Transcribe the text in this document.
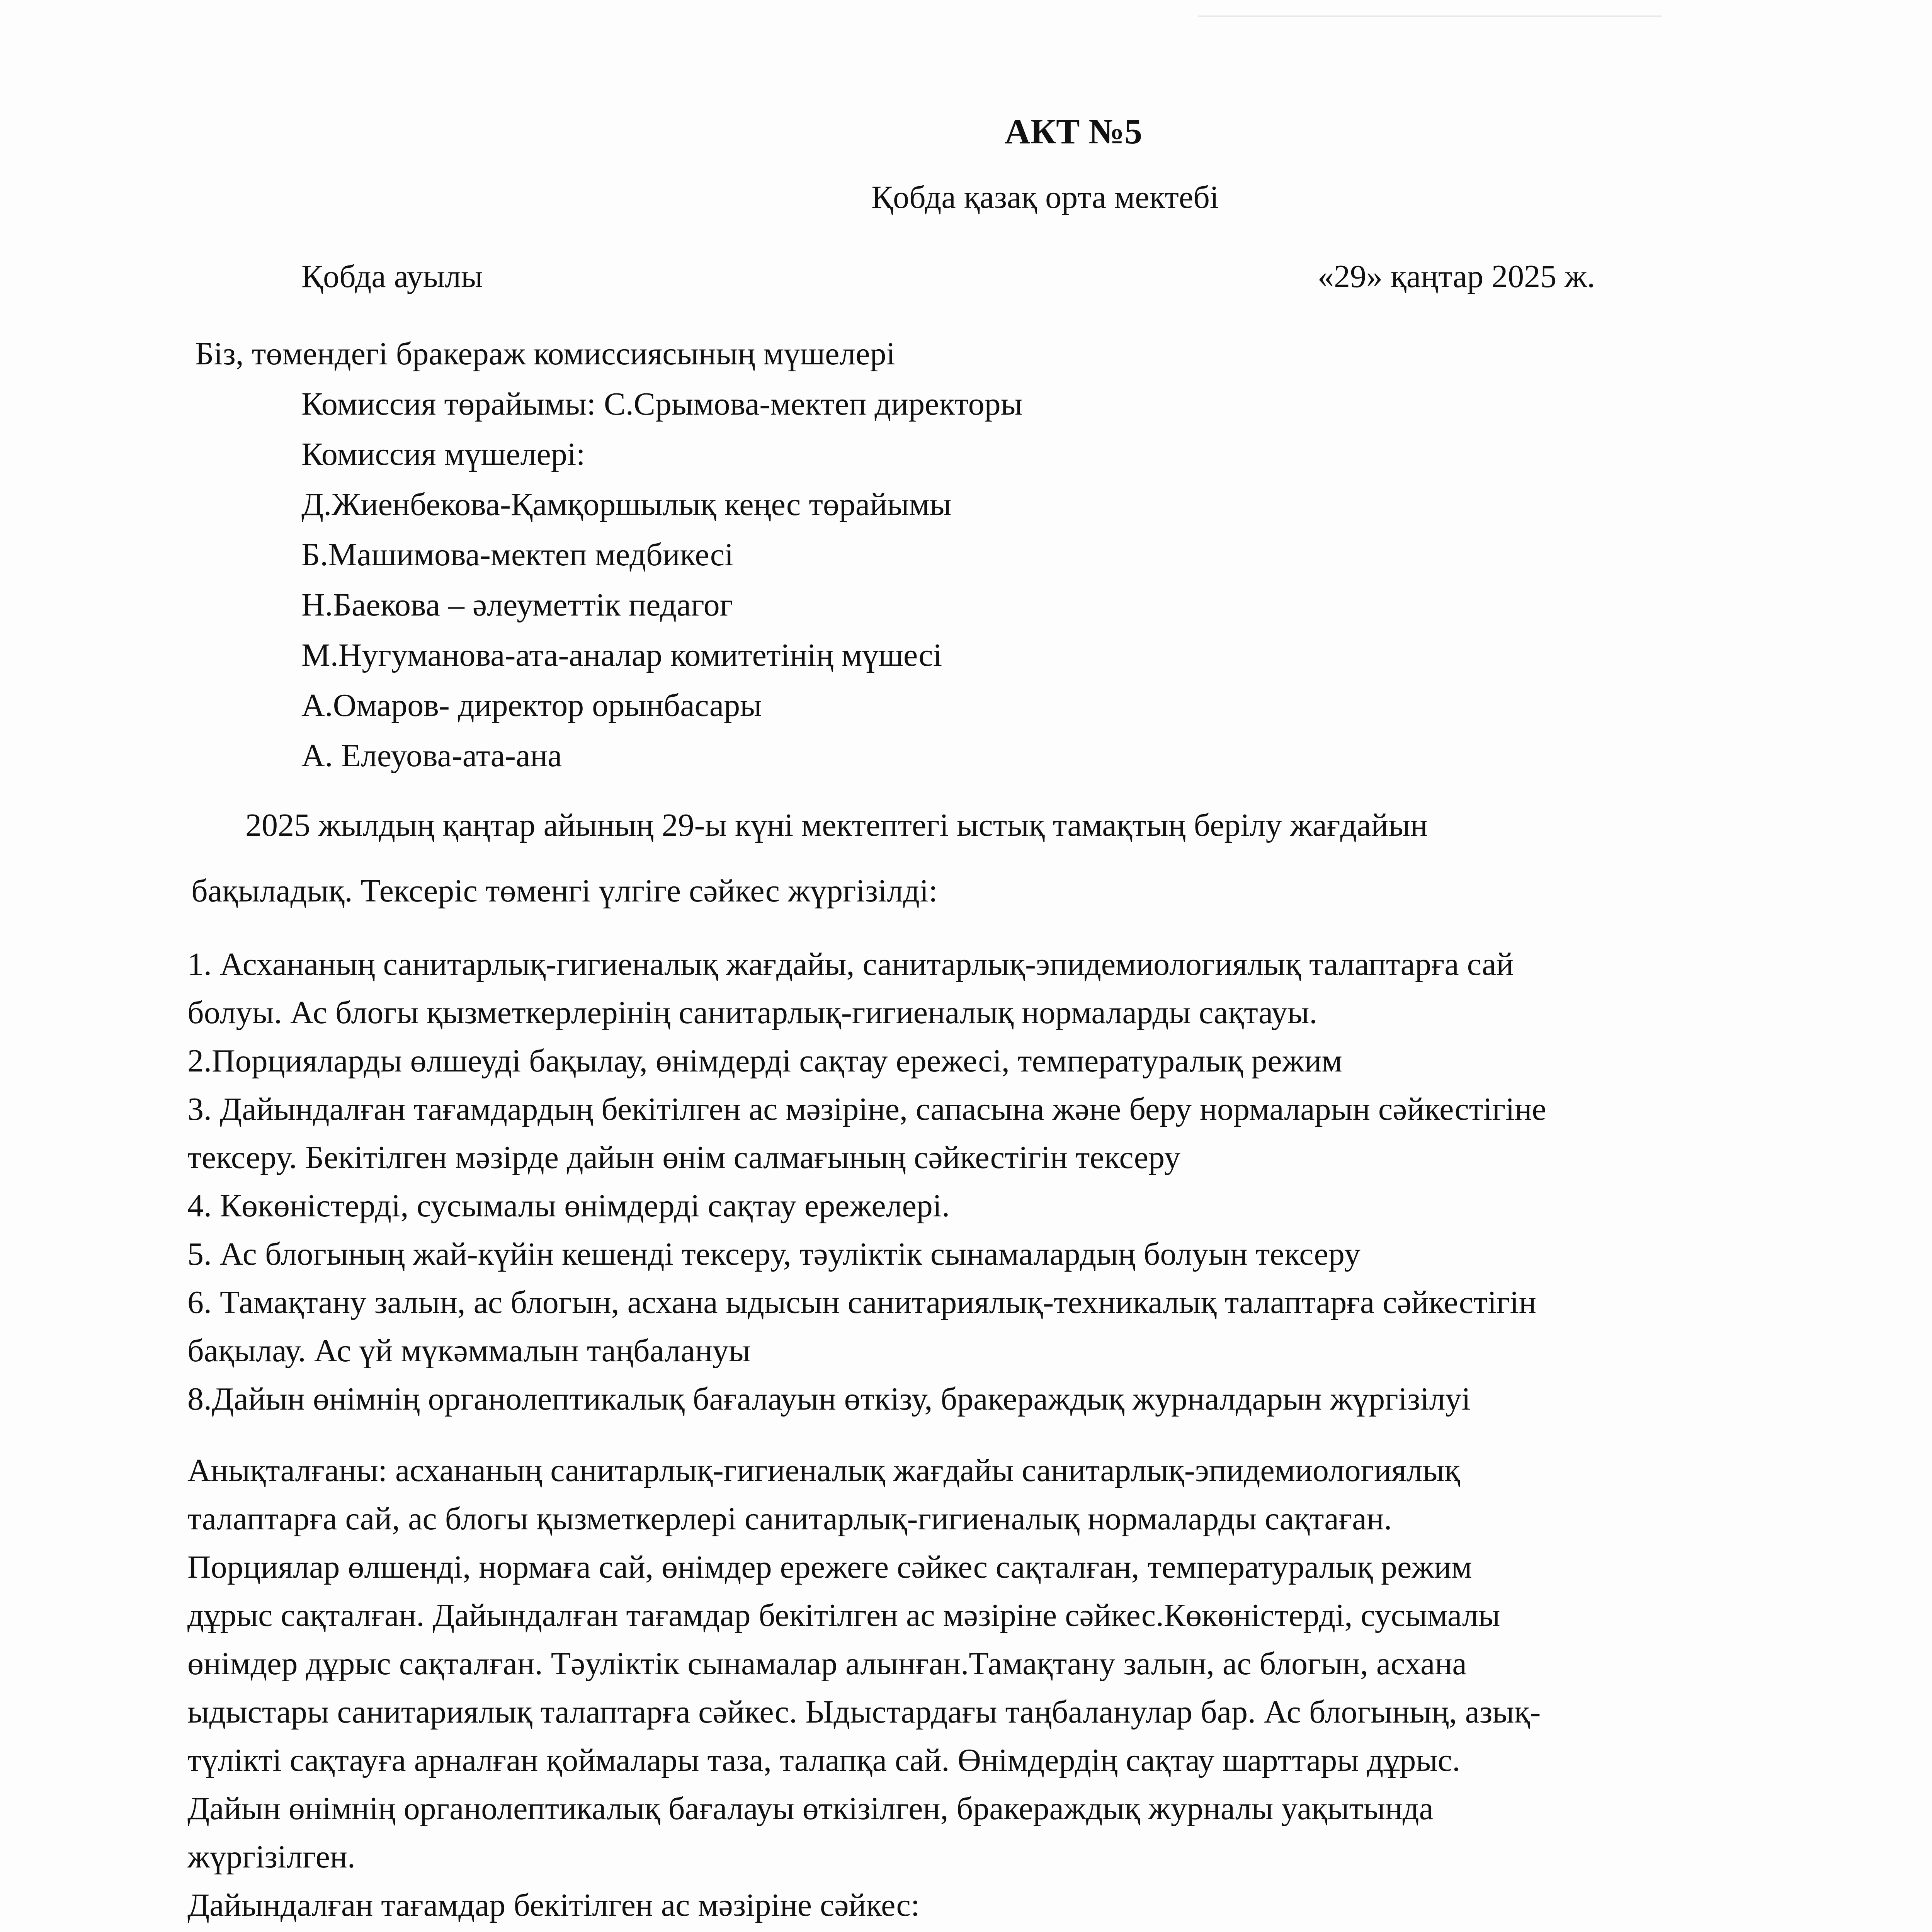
АКТ №5
Қобда қазақ орта мектебі
Қобда ауылы	«29» қаңтар 2025 ж.
Біз, төмендегі бракераж комиссиясының мүшелері
Комиссия төрайымы: С.Срымова-мектеп директоры
Комиссия мүшелері:
Д.Жиенбекова-Қамқоршылық кеңес төрайымы
Б.Машимова-мектеп медбикесі
Н.Баекова – әлеуметтік педагог
М.Нугуманова-ата-аналар комитетінің мүшесі
А.Омаров- директор орынбасары
А. Елеуова-ата-ана
2025 жылдың қаңтар айының 29-ы күні мектептегі ыстық тамақтың берілу жағдайын
бақыладық. Тексеріс төменгі үлгіге сәйкес жүргізілді:
1. Асхананың санитарлық-гигиеналық жағдайы, санитарлық-эпидемиологиялық талаптарға сай
болуы. Ас блогы қызметкерлерінің санитарлық-гигиеналық нормаларды сақтауы.
2.Порцияларды өлшеуді бақылау, өнімдерді сақтау ережесі, температуралық режим
3. Дайындалған тағамдардың бекітілген ас мәзіріне, сапасына және беру нормаларын сәйкестігіне
тексеру. Бекітілген мәзірде дайын өнім салмағының сәйкестігін тексеру
4. Көкөністерді, сусымалы өнімдерді сақтау ережелері.
5. Ас блогының жай-күйін кешенді тексеру, тәуліктік сынамалардың болуын тексеру
6. Тамақтану залын, ас блогын, асхана ыдысын санитариялық-техникалық талаптарға сәйкестігін
бақылау. Ас үй мүкәммалын таңбалануы
8.Дайын өнімнің органолептикалық бағалауын өткізу, бракераждық журналдарын жүргізілуі
Анықталғаны: асхананың санитарлық-гигиеналық жағдайы санитарлық-эпидемиологиялық
талаптарға сай, ас блогы қызметкерлері санитарлық-гигиеналық нормаларды сақтаған.
Порциялар өлшенді, нормаға сай, өнімдер ережеге сәйкес сақталған, температуралық режим
дұрыс сақталған. Дайындалған тағамдар бекітілген ас мәзіріне сәйкес.Көкөністерді, сусымалы
өнімдер дұрыс сақталған. Тәуліктік сынамалар алынған.Тамақтану залын, ас блогын, асхана
ыдыстары санитариялық талаптарға сәйкес. Ыдыстардағы таңбаланулар бар. Ас блогының, азық-
түлікті сақтауға арналған қоймалары таза, талапқа сай. Өнімдердің сақтау шарттары дұрыс.
Дайын өнімнің органолептикалық бағалауы өткізілген, бракераждық журналы уақытында
жүргізілген.
Дайындалған тағамдар бекітілген ас мәзіріне сәйкес:
